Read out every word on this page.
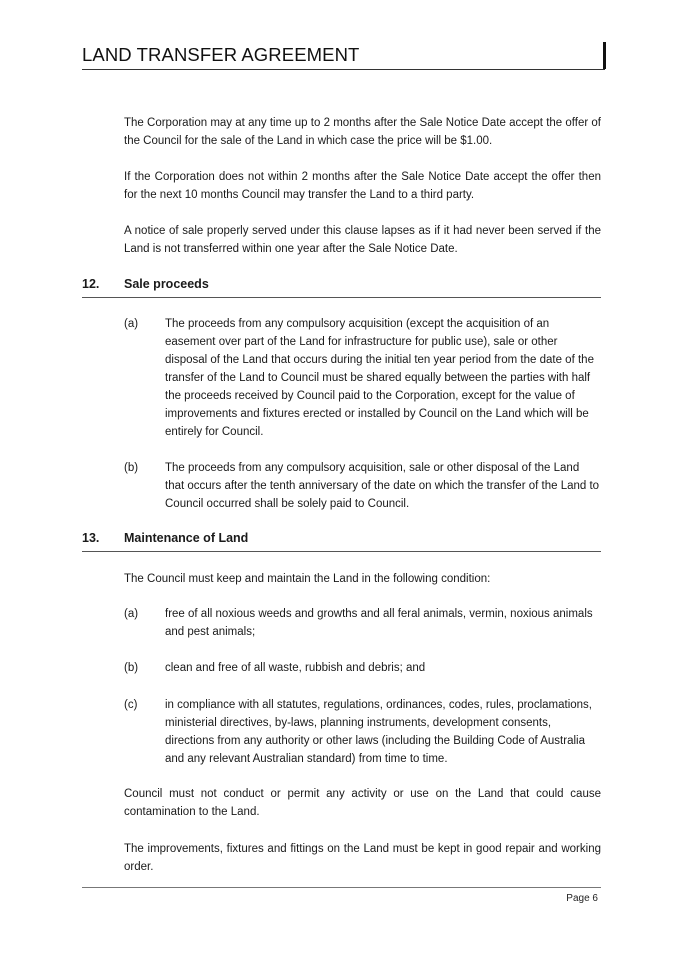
LAND TRANSFER AGREEMENT
The Corporation may at any time up to 2 months after the Sale Notice Date accept the offer of the Council for the sale of the Land in which case the price will be $1.00.
If the Corporation does not within 2 months after the Sale Notice Date accept the offer then for the next 10 months Council may transfer the Land to a third party.
A notice of sale properly served under this clause lapses as if it had never been served if the Land is not transferred within one year after the Sale Notice Date.
12. Sale proceeds
(a) The proceeds from any compulsory acquisition (except the acquisition of an easement over part of the Land for infrastructure for public use), sale or other disposal of the Land that occurs during the initial ten year period from the date of the transfer of the Land to Council must be shared equally between the parties with half the proceeds received by Council paid to the Corporation, except for the value of improvements and fixtures erected or installed by Council on the Land which will be entirely for Council.
(b) The proceeds from any compulsory acquisition, sale or other disposal of the Land that occurs after the tenth anniversary of the date on which the transfer of the Land to Council occurred shall be solely paid to Council.
13. Maintenance of Land
The Council must keep and maintain the Land in the following condition:
(a) free of all noxious weeds and growths and all feral animals, vermin, noxious animals and pest animals;
(b) clean and free of all waste, rubbish and debris; and
(c) in compliance with all statutes, regulations, ordinances, codes, rules, proclamations, ministerial directives, by-laws, planning instruments, development consents, directions from any authority or other laws (including the Building Code of Australia and any relevant Australian standard) from time to time.
Council must not conduct or permit any activity or use on the Land that could cause contamination to the Land.
The improvements, fixtures and fittings on the Land must be kept in good repair and working order.
Page 6
